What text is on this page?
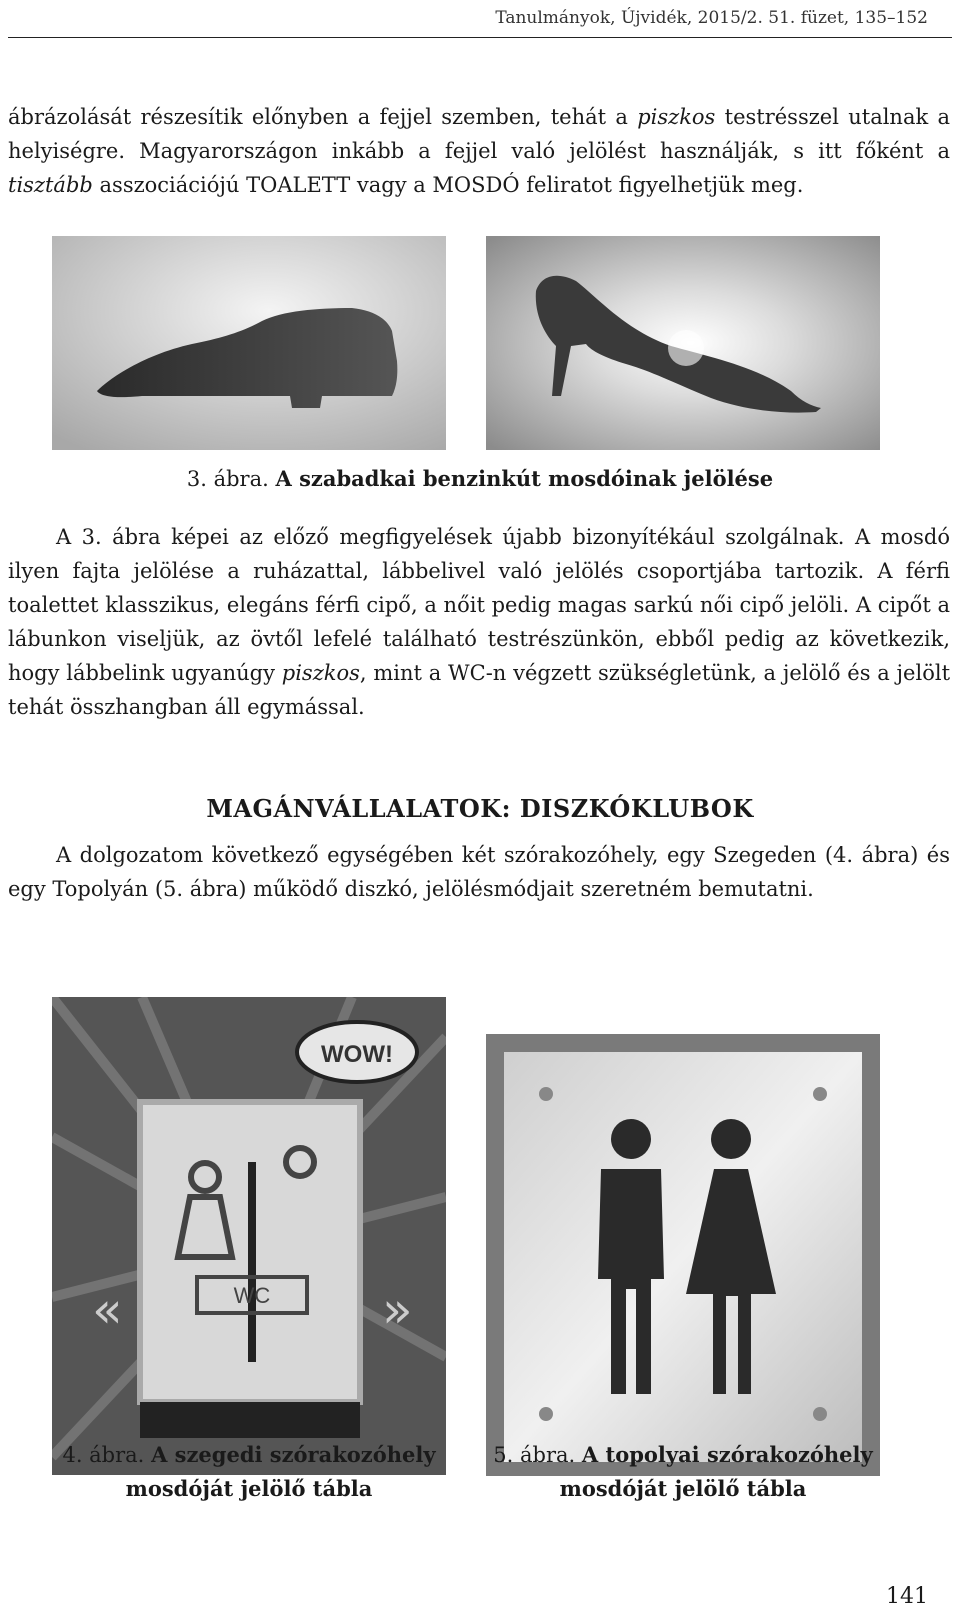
Tanulmányok, Újvidék, 2015/2. 51. füzet, 135–152

ábrázolását részesítik előnyben a fejjel szemben, tehát a piszkos testrésszel utalnak a helyiségre. Magyarországon inkább a fejjel való jelölést használják, s itt főként a tisztább asszociációjú TOALETT vagy a MOSDÓ feliratot figyelhetjük meg.

3. ábra. A szabadkai benzinkút mosdóinak jelölése

A 3. ábra képei az előző megfigyelések újabb bizonyítékául szolgálnak. A mosdó ilyen fajta jelölése a ruházattal, lábbelivel való jelölés csoportjába tartozik. A férfi toalettet klasszikus, elegáns férfi cipő, a nőit pedig magas sarkú női cipő jelöli. A cipőt a lábunkon viseljük, az övtől lefelé található testrészünkön, ebből pedig az következik, hogy lábbelink ugyanúgy piszkos, mint a WC-n végzett szükségletünk, a jelölő és a jelölt tehát összhangban áll egymással.

MAGÁNVÁLLALATOK: DISZKÓKLUBOK

A dolgozatom következő egységében két szórakozóhely, egy Szegeden (4. ábra) és egy Topolyán (5. ábra) működő diszkó, jelölésmódjait szeretném bemutatni.

WOW!
WC
«	»
4. ábra. A szegedi szórakozóhely
mosdóját jelölő tábla
5. ábra. A topolyai szórakozóhely
mosdóját jelölő tábla
141
